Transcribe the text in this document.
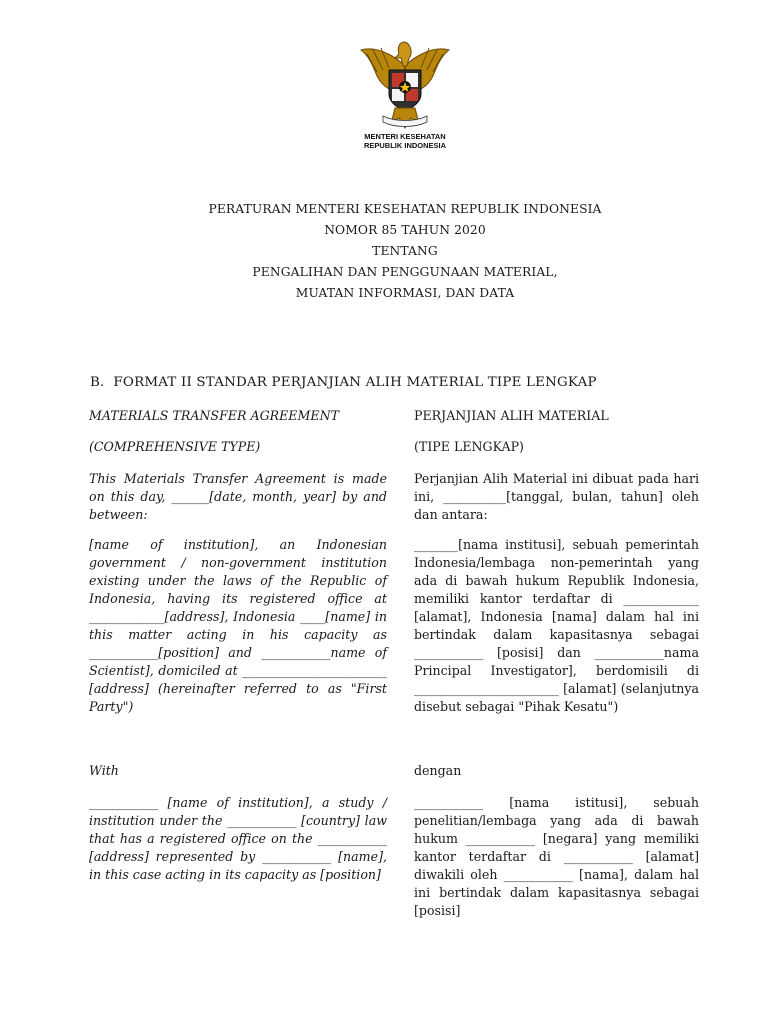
MENTERI KESEHATAN
REPUBLIK INDONESIA
PERATURAN MENTERI KESEHATAN REPUBLIK INDONESIA
NOMOR 85 TAHUN 2020
TENTANG
PENGALIHAN DAN PENGGUNAAN MATERIAL,
MUATAN INFORMASI, DAN DATA
B.  FORMAT II STANDAR PERJANJIAN ALIH MATERIAL TIPE LENGKAP
MATERIALS TRANSFER AGREEMENT
(COMPREHENSIVE TYPE)

This Materials Transfer Agreement is made on this day, ______[date, month, year] by and between:

[name of institution], an Indonesian government / non-government institution existing under the laws of the Republic of Indonesia, having its registered office at ____________[address], Indonesia ____[name] in this matter acting in his capacity as ___________[position] and ___________name of Scientist], domiciled at _______________________ [address] (hereinafter referred to as "First Party")

With

___________ [name of institution], a study / institution under the ___________ [country] law that has a registered office on the ___________ [address] represented by ___________ [name], in this case acting in its capacity as [position]

PERJANJIAN ALIH MATERIAL
(TIPE LENGKAP)

Perjanjian Alih Material ini dibuat pada hari ini, __________[tanggal, bulan, tahun] oleh dan antara:

_______[nama institusi], sebuah pemerintah Indonesia/lembaga non-pemerintah yang ada di bawah hukum Republik Indonesia, memiliki kantor terdaftar di ____________ [alamat], Indonesia [nama] dalam hal ini bertindak dalam kapasitasnya sebagai ___________ [posisi] dan ___________nama Principal Investigator], berdomisili di _______________________ [alamat] (selanjutnya disebut sebagai "Pihak Kesatu")

dengan

___________ [nama istitusi], sebuah penelitian/lembaga yang ada di bawah hukum ___________ [negara] yang memiliki kantor terdaftar di ___________ [alamat] diwakili oleh ___________ [nama], dalam hal ini bertindak dalam kapasitasnya sebagai [posisi]
